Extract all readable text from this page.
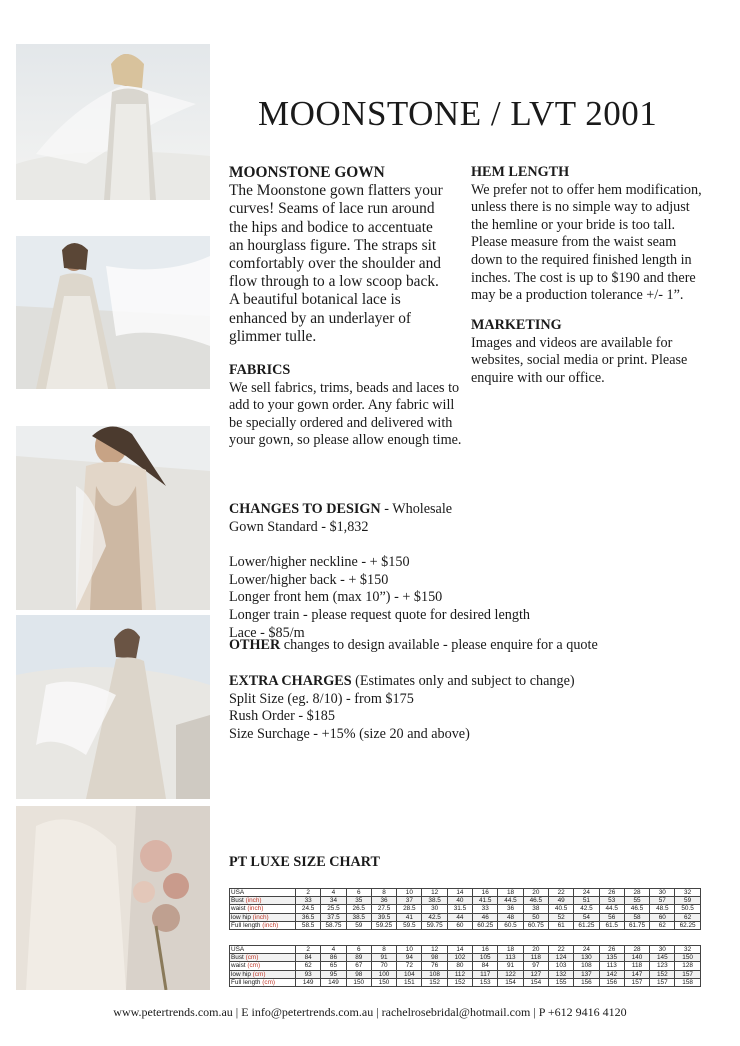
MOONSTONE / LVT 2001
MOONSTONE GOWN

The Moonstone gown flatters your

curves! Seams of lace run around

the hips and bodice to accentuate

an hourglass figure. The straps sit

comfortably over the shoulder and

flow through to a low scoop back.

A beautiful botanical lace is

enhanced by an underlayer of

glimmer tulle.

FABRICS

We sell fabrics, trims, beads and laces to

add to your gown order. Any fabric will

be specially ordered and delivered with

your gown, so please allow enough time.

HEM LENGTH

We prefer not to offer hem modification,

unless there is no simple way to adjust

the hemline or your bride is too tall.

Please measure from the waist seam

down to the required finished length in

inches. The cost is up to $190 and there

may be a production tolerance +/- 1”.

MARKETING

Images and videos are available for

websites, social media or print. Please

enquire with our office.

CHANGES TO DESIGN - Wholesale

Gown Standard - $1,832

Lower/higher neckline - + $150

Lower/higher back - + $150

Longer front hem (max 10”) - + $150

Longer train - please request quote for desired length

Lace - $85/m

OTHER changes to design available - please enquire for a quote

EXTRA CHARGES (Estimates only and subject to change)

Split Size (eg. 8/10) - from $175

Rush Order - $185

Size Surchage - +15% (size 20 and above)

PT LUXE SIZE CHART
USA	2	4	6	8	10	12	14	16	18	20	22	24	26	28	30	32
Bust (inch)	33	34	35	36	37	38.5	40	41.5	44.5	46.5	49	51	53	55	57	59
waist (inch)	24.5	25.5	26.5	27.5	28.5	30	31.5	33	36	38	40.5	42.5	44.5	46.5	48.5	50.5
low hip (inch)	36.5	37.5	38.5	39.5	41	42.5	44	46	48	50	52	54	56	58	60	62
Full length (inch)	58.5	58.75	59	59.25	59.5	59.75	60	60.25	60.5	60.75	61	61.25	61.5	61.75	62	62.25
USA	2	4	6	8	10	12	14	16	18	20	22	24	26	28	30	32
Bust (cm)	84	86	89	91	94	98	102	105	113	118	124	130	135	140	145	150
waist (cm)	62	65	67	70	72	76	80	84	91	97	103	108	113	118	123	128
low hip (cm)	93	95	98	100	104	108	112	117	122	127	132	137	142	147	152	157
Full length (cm)	149	149	150	150	151	152	152	153	154	154	155	156	156	157	157	158
www.petertrends.com.au | E info@petertrends.com.au | rachelrosebridal@hotmail.com | P +612 9416 4120
